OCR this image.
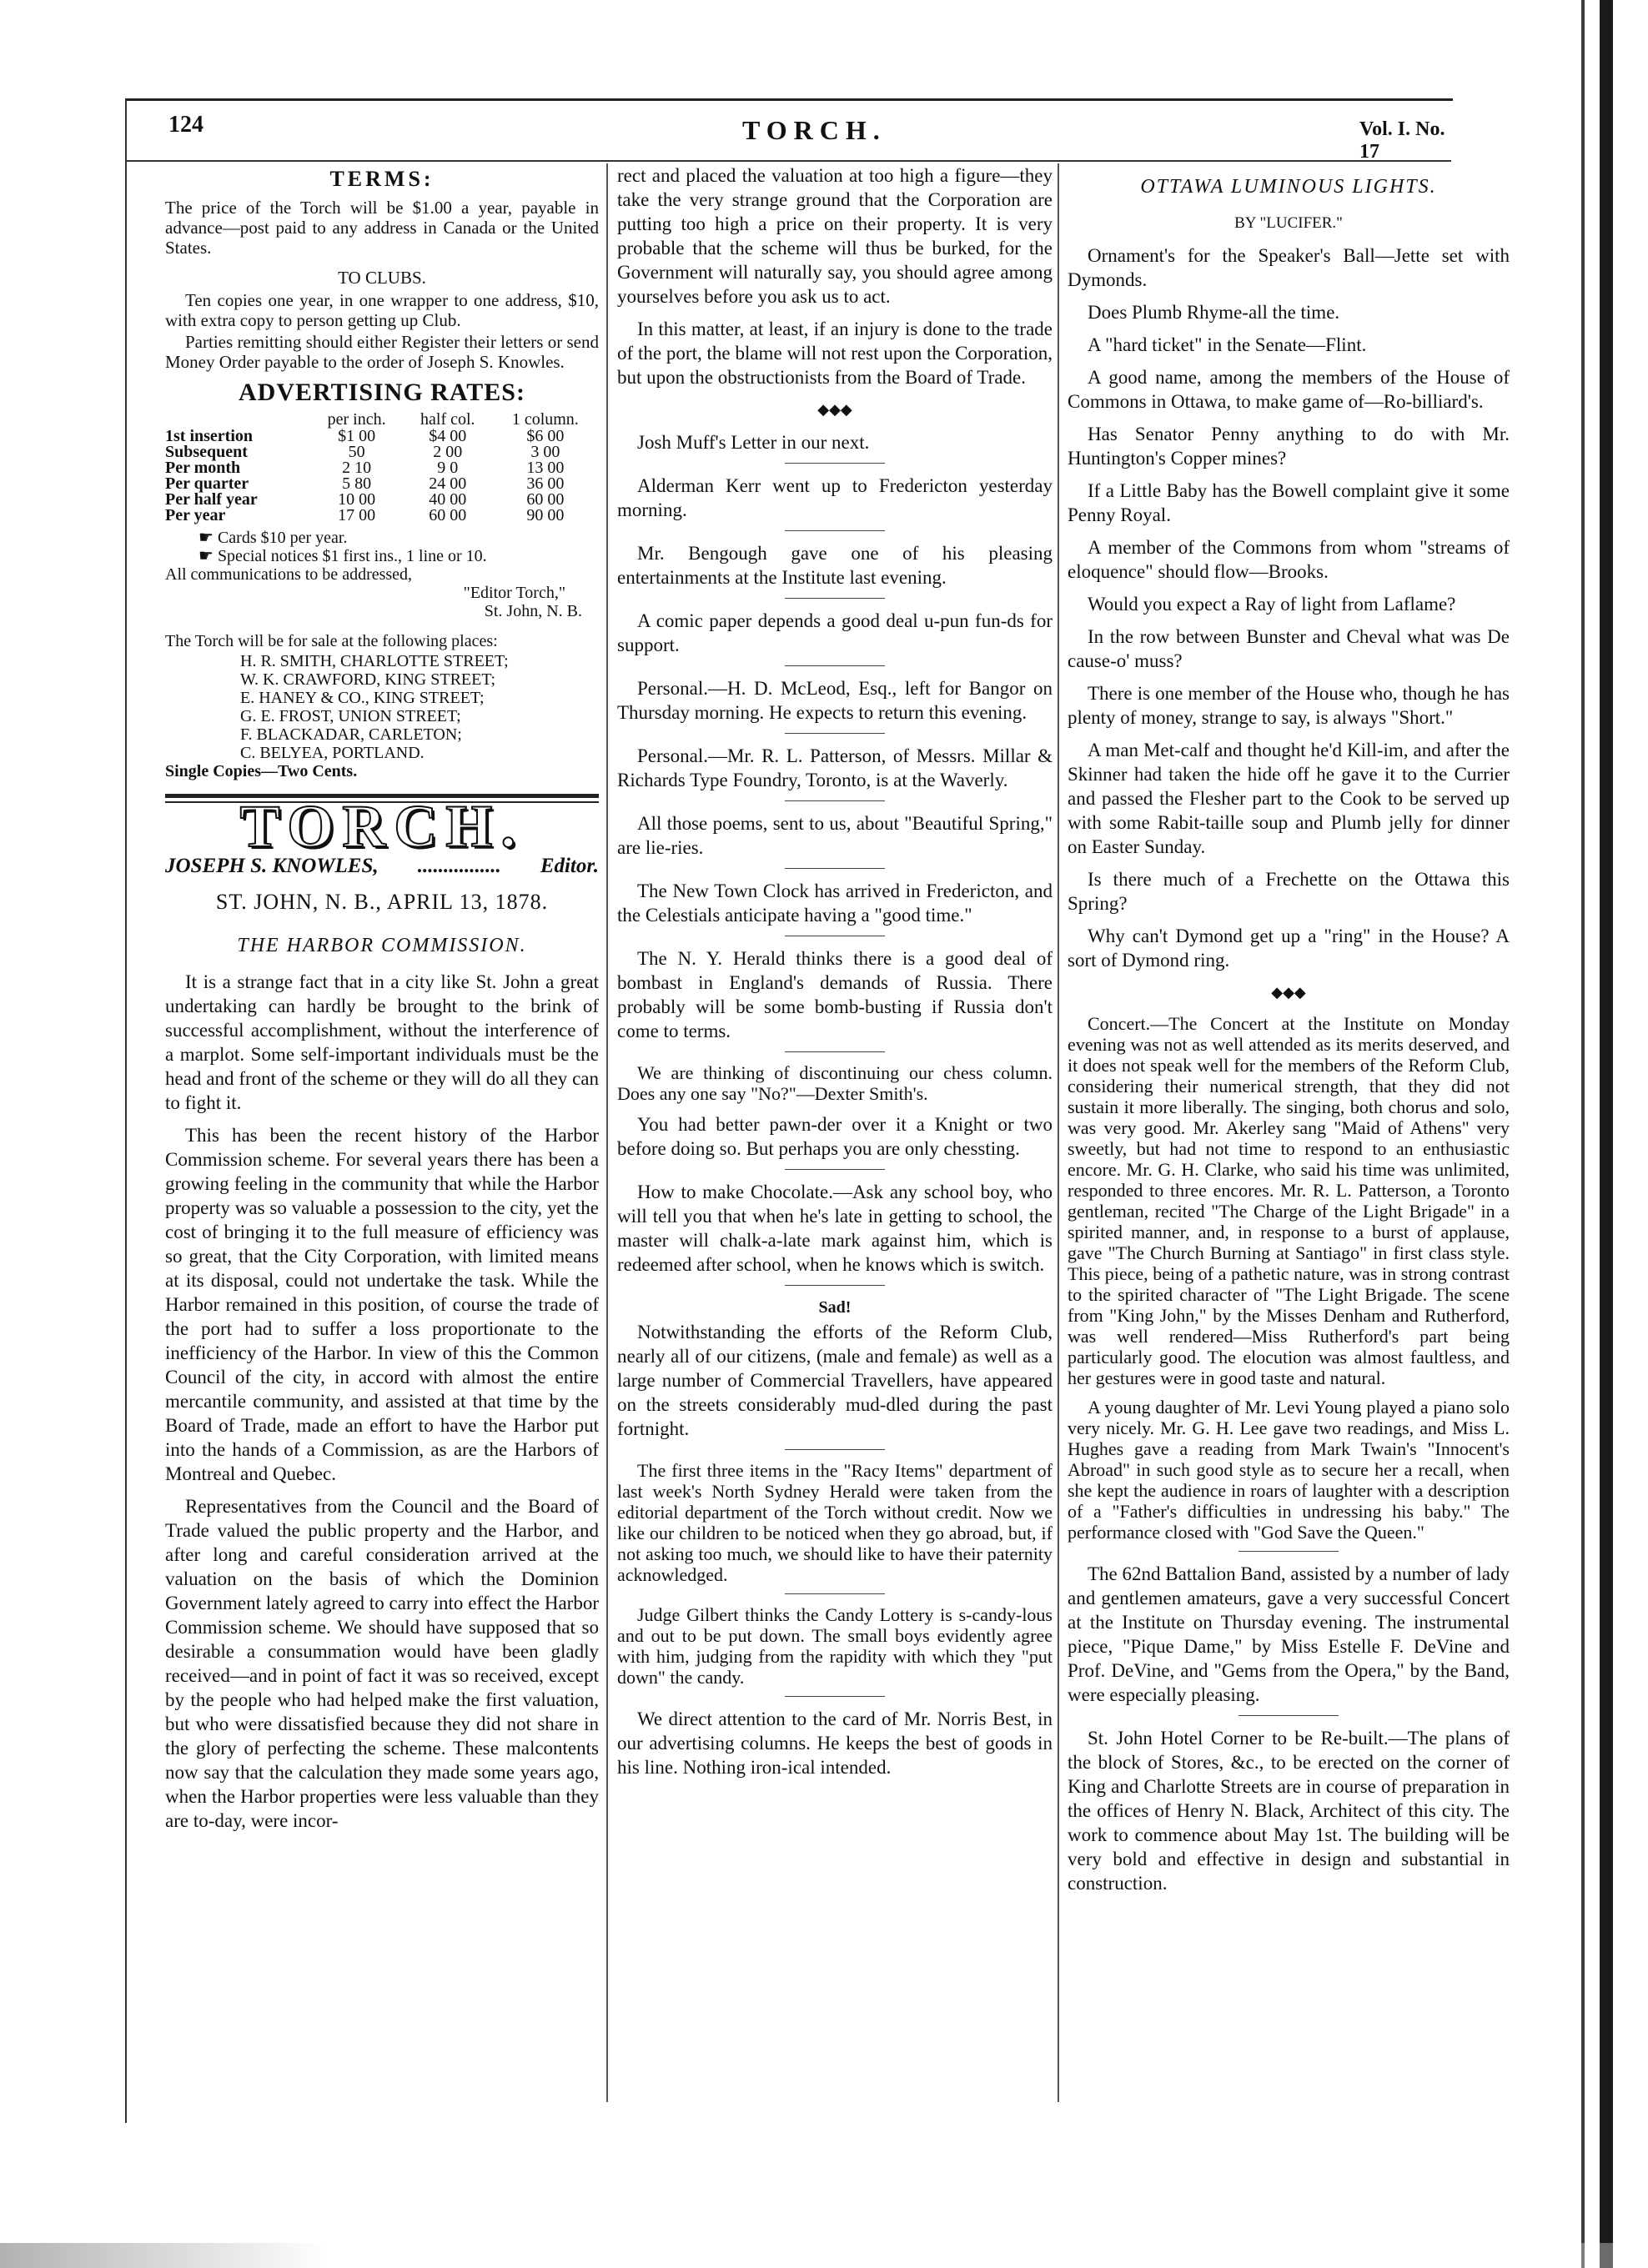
124	TORCH.	Vol. I. No. 17
TERMS:

The price of the Torch will be $1.00 a year, payable in advance—post paid to any address in Canada or the United States.

TO CLUBS.

Ten copies one year, in one wrapper to one address, $10, with extra copy to person getting up Club.

Parties remitting should either Register their letters or send Money Order payable to the order of Joseph S. Knowles.

ADVERTISING RATES:
	per inch.	half col.	1 column.
1st insertion	$1 00	$4 00	$6 00
Subsequent	50	2 00	3 00
Per month	2 10	9 0	13 00
Per quarter	5 80	24 00	36 00
Per half year	10 00	40 00	60 00
Per year	17 00	60 00	90 00
☛ Cards $10 per year.
☛ Special notices $1 first ins., 1 line or 10.
All communications to be addressed,
"Editor Torch,"
St. John, N. B.
The Torch will be for sale at the following places:
H. R. SMITH, CHARLOTTE STREET;
W. K. CRAWFORD, KING STREET;
E. HANEY & CO., KING STREET;
G. E. FROST, UNION STREET;
F. BLACKADAR, CARLETON;
C. BELYEA, PORTLAND.
Single Copies—Two Cents.
TORCH.
JOSEPH S. KNOWLES, ................ Editor.
ST. JOHN, N. B., APRIL 13, 1878.
THE HARBOR COMMISSION.

It is a strange fact that in a city like St. John a great undertaking can hardly be brought to the brink of successful accomplishment, without the interference of a marplot. Some self-important individuals must be the head and front of the scheme or they will do all they can to fight it.

This has been the recent history of the Harbor Commission scheme. For several years there has been a growing feeling in the community that while the Harbor property was so valuable a possession to the city, yet the cost of bringing it to the full measure of efficiency was so great, that the City Corporation, with limited means at its disposal, could not undertake the task. While the Harbor remained in this position, of course the trade of the port had to suffer a loss proportionate to the inefficiency of the Harbor. In view of this the Common Council of the city, in accord with almost the entire mercantile community, and assisted at that time by the Board of Trade, made an effort to have the Harbor put into the hands of a Commission, as are the Harbors of Montreal and Quebec.

Representatives from the Council and the Board of Trade valued the public property and the Harbor, and after long and careful consideration arrived at the valuation on the basis of which the Dominion Government lately agreed to carry into effect the Harbor Commission scheme. We should have supposed that so desirable a consummation would have been gladly received—and in point of fact it was so received, except by the people who had helped make the first valuation, but who were dissatisfied because they did not share in the glory of perfecting the scheme. These malcontents now say that the calculation they made some years ago, when the Harbor properties were less valuable than they are to-day, were incor-

rect and placed the valuation at too high a figure—they take the very strange ground that the Corporation are putting too high a price on their property. It is very probable that the scheme will thus be burked, for the Government will naturally say, you should agree among yourselves before you ask us to act.

In this matter, at least, if an injury is done to the trade of the port, the blame will not rest upon the Corporation, but upon the obstructionists from the Board of Trade.

◆◆◆

Josh Muff's Letter in our next.

Alderman Kerr went up to Fredericton yesterday morning.

Mr. Bengough gave one of his pleasing entertainments at the Institute last evening.

A comic paper depends a good deal u-pun fun-ds for support.

Personal.—H. D. McLeod, Esq., left for Bangor on Thursday morning. He expects to return this evening.

Personal.—Mr. R. L. Patterson, of Messrs. Millar & Richards Type Foundry, Toronto, is at the Waverly.

All those poems, sent to us, about "Beautiful Spring," are lie-ries.

The New Town Clock has arrived in Fredericton, and the Celestials anticipate having a "good time."

The N. Y. Herald thinks there is a good deal of bombast in England's demands of Russia. There probably will be some bomb-busting if Russia don't come to terms.

We are thinking of discontinuing our chess column. Does any one say "No?"—Dexter Smith's.

You had better pawn-der over it a Knight or two before doing so. But perhaps you are only chessting.

How to make Chocolate.—Ask any school boy, who will tell you that when he's late in getting to school, the master will chalk-a-late mark against him, which is redeemed after school, when he knows which is switch.

Sad!

Notwithstanding the efforts of the Reform Club, nearly all of our citizens, (male and female) as well as a large number of Commercial Travellers, have appeared on the streets considerably mud-dled during the past fortnight.

The first three items in the "Racy Items" department of last week's North Sydney Herald were taken from the editorial department of the Torch without credit. Now we like our children to be noticed when they go abroad, but, if not asking too much, we should like to have their paternity acknowledged.

Judge Gilbert thinks the Candy Lottery is s-candy-lous and out to be put down. The small boys evidently agree with him, judging from the rapidity with which they "put down" the candy.

We direct attention to the card of Mr. Norris Best, in our advertising columns. He keeps the best of goods in his line. Nothing iron-ical intended.

OTTAWA LUMINOUS LIGHTS.
BY "LUCIFER."

Ornament's for the Speaker's Ball—Jette set with Dymonds.

Does Plumb Rhyme-all the time.

A "hard ticket" in the Senate—Flint.

A good name, among the members of the House of Commons in Ottawa, to make game of—Ro-billiard's.

Has Senator Penny anything to do with Mr. Huntington's Copper mines?

If a Little Baby has the Bowell complaint give it some Penny Royal.

A member of the Commons from whom "streams of eloquence" should flow—Brooks.

Would you expect a Ray of light from Laflame?

In the row between Bunster and Cheval what was De cause-o' muss?

There is one member of the House who, though he has plenty of money, strange to say, is always "Short."

A man Met-calf and thought he'd Kill-im, and after the Skinner had taken the hide off he gave it to the Currier and passed the Flesher part to the Cook to be served up with some Rabit-taille soup and Plumb jelly for dinner on Easter Sunday.

Is there much of a Frechette on the Ottawa this Spring?

Why can't Dymond get up a "ring" in the House? A sort of Dymond ring.

◆◆◆

Concert.—The Concert at the Institute on Monday evening was not as well attended as its merits deserved, and it does not speak well for the members of the Reform Club, considering their numerical strength, that they did not sustain it more liberally. The singing, both chorus and solo, was very good. Mr. Akerley sang "Maid of Athens" very sweetly, but had not time to respond to an enthusiastic encore. Mr. G. H. Clarke, who said his time was unlimited, responded to three encores. Mr. R. L. Patterson, a Toronto gentleman, recited "The Charge of the Light Brigade" in a spirited manner, and, in response to a burst of applause, gave "The Church Burning at Santiago" in first class style. This piece, being of a pathetic nature, was in strong contrast to the spirited character of "The Light Brigade. The scene from "King John," by the Misses Denham and Rutherford, was well rendered—Miss Rutherford's part being particularly good. The elocution was almost faultless, and her gestures were in good taste and natural.

A young daughter of Mr. Levi Young played a piano solo very nicely. Mr. G. H. Lee gave two readings, and Miss L. Hughes gave a reading from Mark Twain's "Innocent's Abroad" in such good style as to secure her a recall, when she kept the audience in roars of laughter with a description of a "Father's difficulties in undressing his baby." The performance closed with "God Save the Queen."

The 62nd Battalion Band, assisted by a number of lady and gentlemen amateurs, gave a very successful Concert at the Institute on Thursday evening. The instrumental piece, "Pique Dame," by Miss Estelle F. DeVine and Prof. DeVine, and "Gems from the Opera," by the Band, were especially pleasing.

St. John Hotel Corner to be Re-built.—The plans of the block of Stores, &c., to be erected on the corner of King and Charlotte Streets are in course of preparation in the offices of Henry N. Black, Architect of this city. The work to commence about May 1st. The building will be very bold and effective in design and substantial in construction.
